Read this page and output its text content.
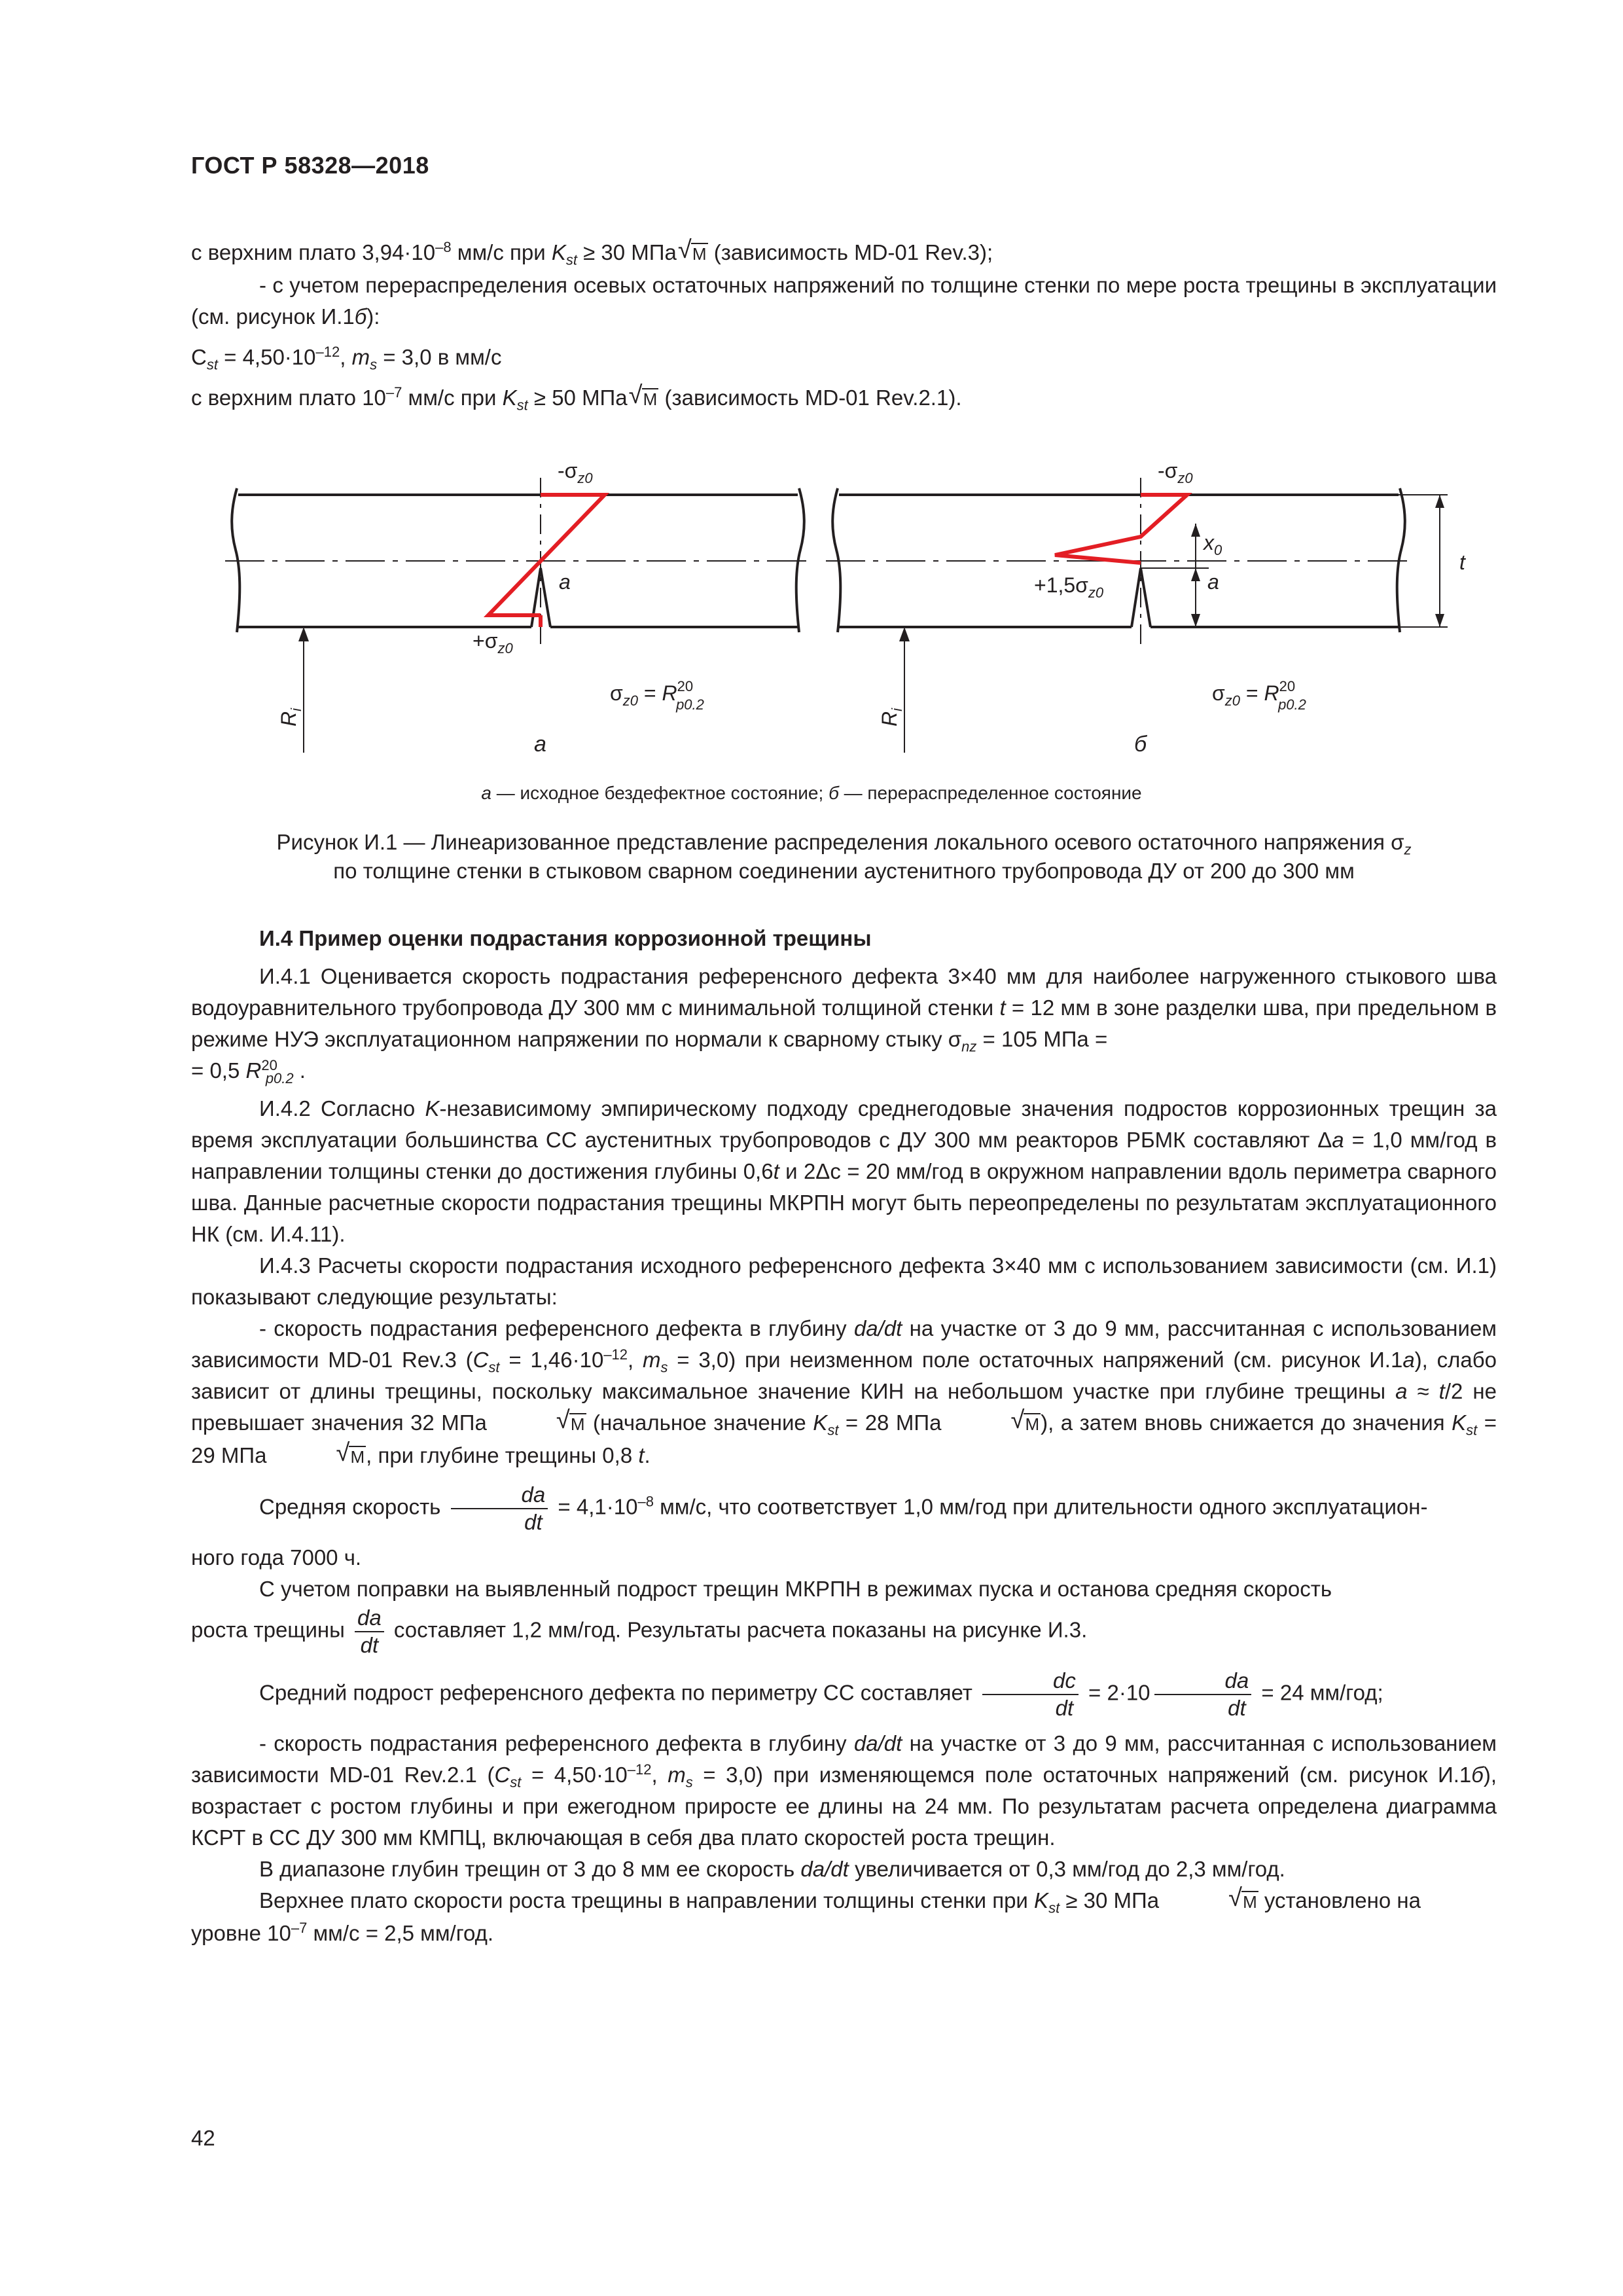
ГОСТ Р 58328—2018

с верхним плато $3,94\cdot 10^{-8}$ мм/с при $K_{st} \ge 30$ МПа √ M (зависимость MD-01 Rev.3);

- с учетом перераспределения осевых остаточных напряжений по толщине стенки по мере роста трещины в эксплуатации (см. рисунок И.1б):

$C_{st} = 4,50\cdot 10^{-12}$, $m_s = 3,0$ в мм/с

с верхним плато $10^{-7}$ мм/с при $K_{st} \ge 50$ МПа √ M (зависимость MD-01 Rev.2.1).

$-\sigma_{z0}$	$-\sigma_{z0}$
$+\sigma_{z0}$
a	a
$x_0$
$+1,5\sigma_{z0}$
t
$R_i$
$R_i$
$\sigma_{z0} = R^{20}$ p0.2	$\sigma_{z0} = R^{20}$ p0.2
а	б
а — исходное бездефектное состояние; б — перераспределенное состояние
Рисунок И.1 — Линеаризованное представление распределения локального осевого остаточного напряжения $\sigma_z$
по толщине стенки в стыковом сварном соединении аустенитного трубопровода ДУ от 200 до 300 мм

И.4 Пример оценки подрастания коррозионной трещины

И.4.1 Оценивается скорость подрастания референсного дефекта 3×40 мм для наиболее нагруженного стыкового шва водоуравнительного трубопровода ДУ 300 мм с минимальной толщиной стенки t = 12 мм в зоне разделки шва, при предельном в режиме НУЭ эксплуатационном напряжении по нормали к сварному стыку $\sigma_{nz} = 105$ МПа =

= 0,5 $R^{20}_{p0.2}$ .

И.4.2 Согласно K-независимому эмпирическому подходу среднегодовые значения подростов коррозионных трещин за время эксплуатации большинства СС аустенитных трубопроводов с ДУ 300 мм реакторов РБМК составляют Δa = 1,0 мм/год в направлении толщины стенки до достижения глубины 0,6t и 2Δс = 20 мм/год в окружном направлении вдоль периметра сварного шва. Данные расчетные скорости подрастания трещины МКРПН могут быть переопределены по результатам эксплуатационного НК (см. И.4.11).

И.4.3 Расчеты скорости подрастания исходного референсного дефекта 3×40 мм с использованием зависимости (см. И.1) показывают следующие результаты:

- скорость подрастания референсного дефекта в глубину da/dt на участке от 3 до 9 мм, рассчитанная с использованием зависимости MD-01 Rev.3 ($C_{st} = 1,46\cdot 10^{-12}$, $m_s = 3,0$) при неизменном поле остаточных напряжений (см. рисунок И.1а), слабо зависит от длины трещины, поскольку максимальное значение КИН на небольшом участке при глубине трещины a ≈ t/2 не превышает значения 32 МПа	√ M (начальное значение $K_{st} = 28$ МПа	√ M), а затем вновь снижается до значения $K_{st} = 29$ МПа	√ M, при глубине трещины 0,8 t.

Средняя скорость $\frac{da}{dt} = 4,1\cdot 10^{-8}$ мм/с, что соответствует 1,0 мм/год при длительности одного эксплуатацион-

ного года 7000 ч.

С учетом поправки на выявленный подрост трещин МКРПН в режимах пуска и останова средняя скорость

роста трещины $\frac{da}{dt}$ составляет 1,2 мм/год. Результаты расчета показаны на рисунке И.3.

Средний подрост референсного дефекта по периметру СС составляет $\frac{dc}{dt} = 2\cdot 10 \frac{da}{dt} = 24$ мм/год;

- скорость подрастания референсного дефекта в глубину da/dt на участке от 3 до 9 мм, рассчитанная с использованием зависимости MD-01 Rev.2.1 ($C_{st} = 4,50\cdot 10^{-12}$, $m_s = 3,0$) при изменяющемся поле остаточных напряжений (см. рисунок И.1б), возрастает с ростом глубины и при ежегодном приросте ее длины на 24 мм. По результатам расчета определена диаграмма КСРТ в СС ДУ 300 мм КМПЦ, включающая в себя два плато скоростей роста трещин.

В диапазоне глубин трещин от 3 до 8 мм ее скорость da/dt увеличивается от 0,3 мм/год до 2,3 мм/год.

Верхнее плато скорости роста трещины в направлении толщины стенки при $K_{st} \ge 30$ МПа	√ M установлено на

уровне $10^{-7}$ мм/с = 2,5 мм/год.

42
